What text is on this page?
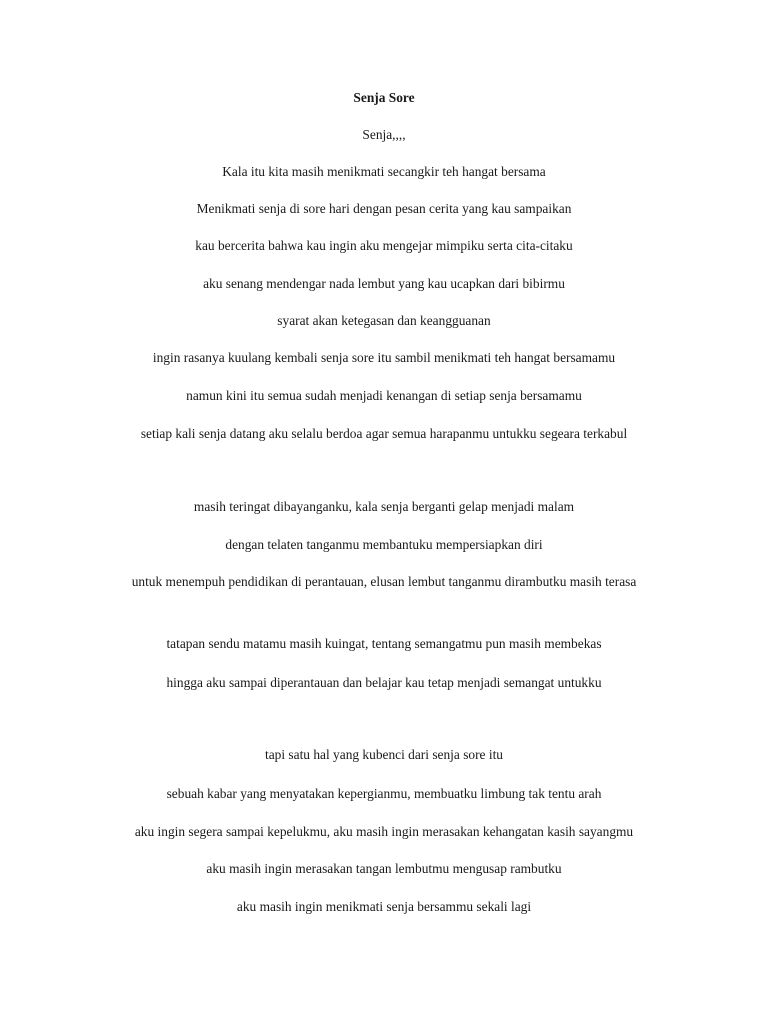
Senja Sore
Senja,,,,
Kala itu kita masih menikmati secangkir teh hangat bersama
Menikmati senja di sore hari dengan pesan cerita yang kau sampaikan
kau bercerita bahwa kau ingin aku mengejar mimpiku serta cita-citaku
aku senang mendengar nada lembut yang kau ucapkan dari bibirmu
syarat akan ketegasan dan keangguanan
ingin rasanya kuulang kembali senja sore itu sambil menikmati teh hangat bersamamu
namun kini itu semua sudah menjadi kenangan di setiap senja bersamamu
setiap kali senja datang aku selalu berdoa agar semua harapanmu untukku segeara terkabul
masih teringat dibayanganku, kala senja berganti gelap menjadi malam
dengan telaten tanganmu membantuku mempersiapkan diri
untuk menempuh pendidikan di perantauan, elusan lembut tanganmu dirambutku masih terasa
tatapan sendu matamu masih kuingat, tentang semangatmu pun masih membekas
hingga aku sampai diperantauan dan belajar kau tetap menjadi semangat untukku
tapi satu hal yang kubenci dari senja sore itu
sebuah kabar yang menyatakan kepergianmu, membuatku limbung tak tentu arah
aku ingin segera sampai kepelukmu, aku masih ingin merasakan kehangatan kasih sayangmu
aku masih ingin merasakan tangan lembutmu mengusap rambutku
aku masih ingin menikmati senja bersammu sekali lagi
